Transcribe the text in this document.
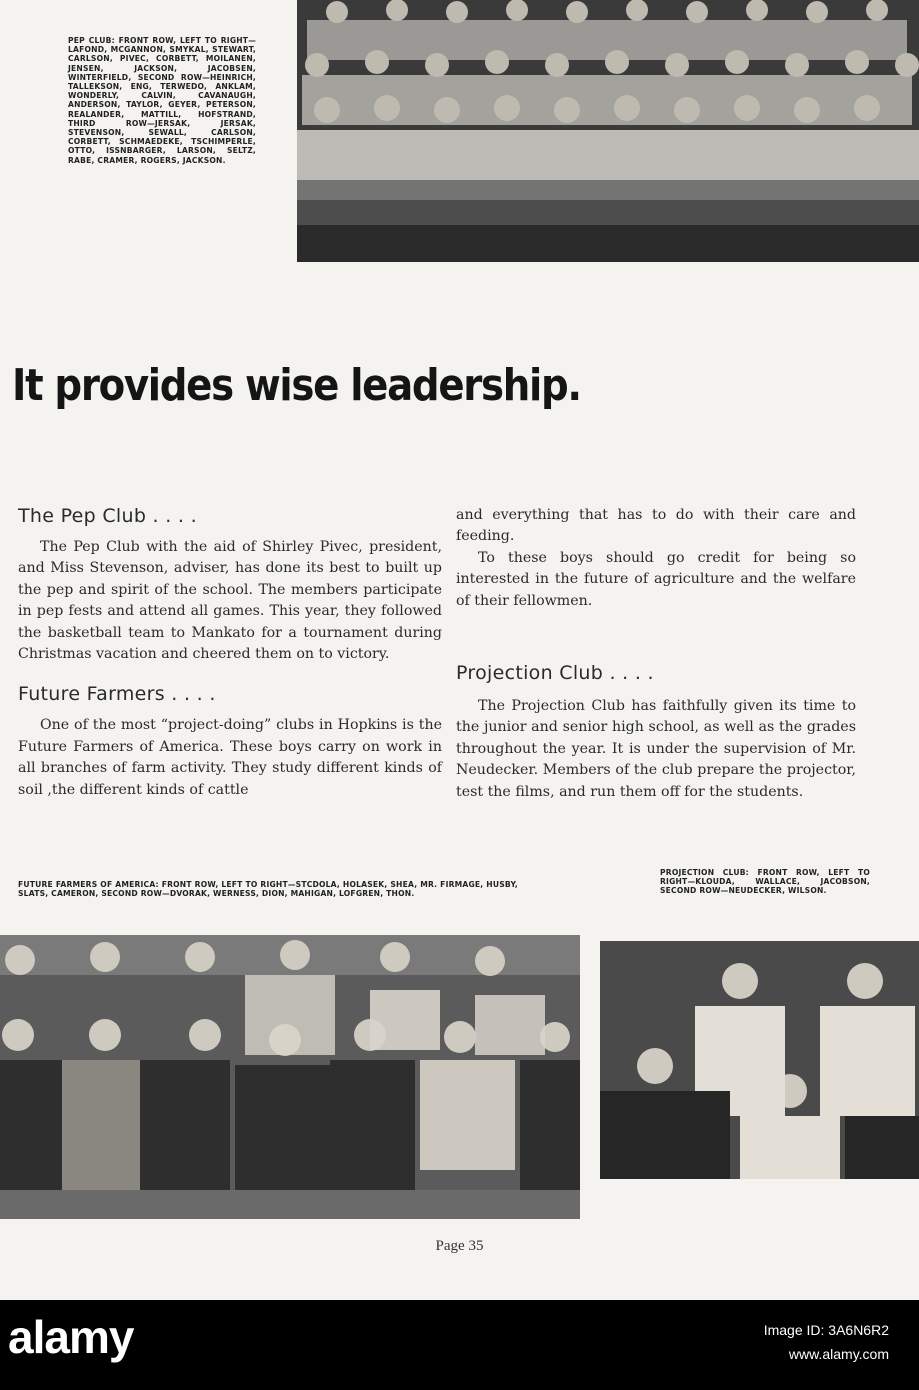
PEP CLUB: FRONT ROW, LEFT TO RIGHT—LAFOND, MCGANNON, SMYKAL, STEWART, CARLSON, PIVEC, CORBETT, MOILANEN, JENSEN, JACKSON, JACOBSEN, WINTERFIELD, SECOND ROW—HEINRICH, TALLEKSON, ENG, TERWEDO, ANKLAM, WONDERLY, CALVIN, CAVANAUGH, ANDERSON, TAYLOR, GEYER, PETERSON, REALANDER, MATTILL, HOFSTRAND, THIRD ROW—JERSAK, JERSAK, STEVENSON, SEWALL, CARLSON, CORBETT, SCHMAEDEKE, TSCHIMPERLE, OTTO, ISSNBARGER, LARSON, SELTZ, RABE, CRAMER, ROGERS, JACKSON.
It provides wise leadership.
The Pep Club . . . .

The Pep Club with the aid of Shirley Pivec, president, and Miss Stevenson, adviser, has done its best to built up the pep and spirit of the school. The members participate in pep fests and attend all games. This year, they followed the basketball team to Mankato for a tournament during Christmas vacation and cheered them on to victory.

Future Farmers . . . .

One of the most “project-doing” clubs in Hopkins is the Future Farmers of America. These boys carry on work in all branches of farm activity. They study different kinds of soil ,the different kinds of cattle

and everything that has to do with their care and feeding.

To these boys should go credit for being so interested in the future of agriculture and the welfare of their fellowmen.

Projection Club . . . .

The Projection Club has faithfully given its time to the junior and senior high school, as well as the grades throughout the year. It is under the supervision of Mr. Neudecker. Members of the club prepare the projector, test the films, and run them off for the students.

FUTURE FARMERS OF AMERICA: FRONT ROW, LEFT TO RIGHT—STCDOLA, HOLASEK, SHEA, MR. FIRMAGE, HUSBY, SLATS, CAMERON, SECOND ROW—DVORAK, WERNESS, DION, MAHIGAN, LOFGREN, THON.
PROJECTION CLUB: FRONT ROW, LEFT TO RIGHT—KLOUDA, WALLACE, JACOBSON, SECOND ROW—NEUDECKER, WILSON.
Page 35
alamy	Image ID: 3A6N6R2
www.alamy.com
